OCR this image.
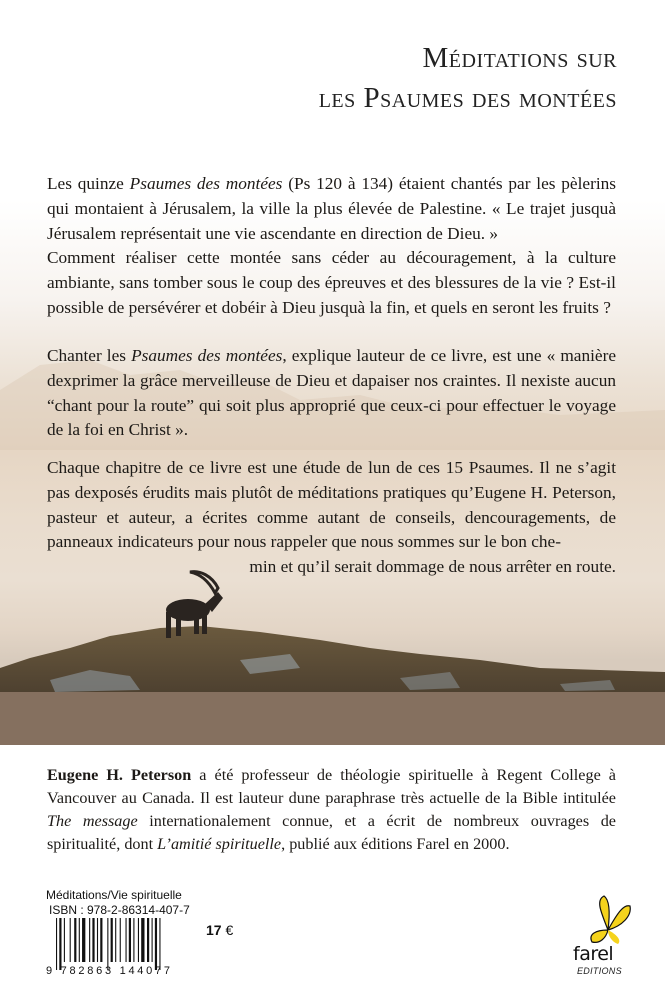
Méditations sur
les Psaumes des montées
Les quinze Psaumes des montées (Ps 120 à 134) étaient chantés par les pèlerins qui montaient à Jérusalem, la ville la plus élevée de Palestine. « Le trajet jusquà Jérusalem représentait une vie ascendante en direction de Dieu. »
Comment réaliser cette montée sans céder au découragement, à la culture ambiante, sans tomber sous le coup des épreuves et des blessures de la vie ? Est-il possible de persévérer et dobéir à Dieu jusquà la fin, et quels en seront les fruits ?
Chanter les Psaumes des montées, explique lauteur de ce livre, est une « manière dexprimer la grâce merveilleuse de Dieu et dapaiser nos craintes. Il nexiste aucun “chant pour la route” qui soit plus approprié que ceux-ci pour effectuer le voyage de la foi en Christ ».
Chaque chapitre de ce livre est une étude de lun de ces 15 Psaumes. Il ne s’agit pas dexposés érudits mais plutôt de méditations pratiques qu’Eugene H. Peterson, pasteur et auteur, a écrites comme autant de conseils, dencouragements, de panneaux indicateurs pour nous rappeler que nous sommes sur le bon che-
min et qu’il serait dommage de nous arrêter en route.
Eugene H. Peterson a été professeur de théologie spirituelle à Regent College à Vancouver au Canada. Il est lauteur dune paraphrase très actuelle de la Bible intitulée The message internationalement connue, et a écrit de nombreux ouvrages de spiritualité, dont L’amitié spirituelle, publié aux éditions Farel en 2000.
Méditations/Vie spirituelle
ISBN : 978-2-86314-407-7
9 782863 144077
17 €
farel
EDITIONS
